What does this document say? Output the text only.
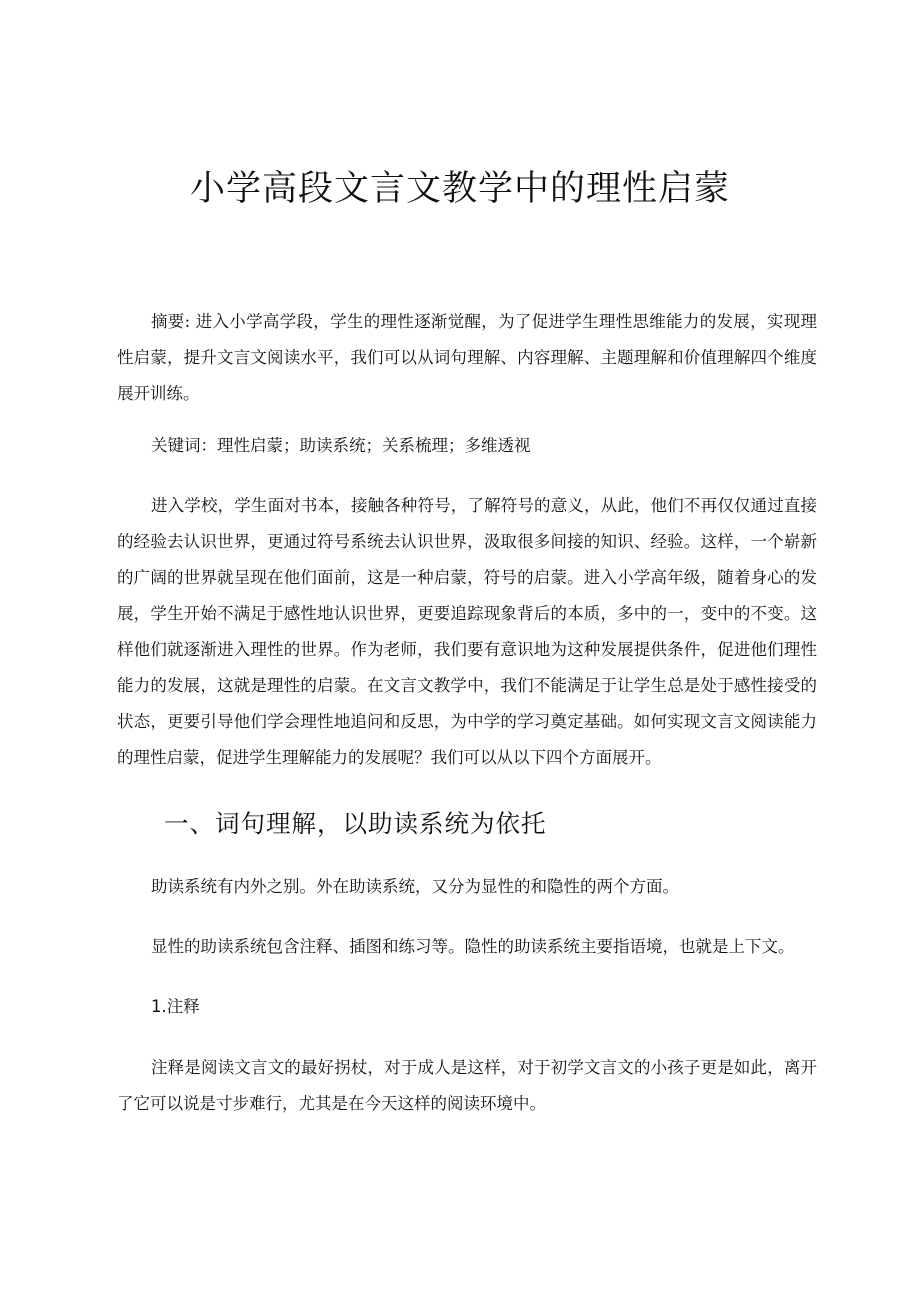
小学高段文言文教学中的理性启蒙

摘要: 进入小学高学段，学生的理性逐渐觉醒，为了促进学生理性思维能力的发展，实现理性启蒙，提升文言文阅读水平，我们可以从词句理解、内容理解、主题理解和价值理解四个维度展开训练。

关键词：理性启蒙；助读系统；关系梳理；多维透视

进入学校，学生面对书本，接触各种符号，了解符号的意义，从此，他们不再仅仅通过直接的经验去认识世界，更通过符号系统去认识世界，汲取很多间接的知识、经验。这样，一个崭新的广阔的世界就呈现在他们面前，这是一种启蒙，符号的启蒙。进入小学高年级，随着身心的发展，学生开始不满足于感性地认识世界，更要追踪现象背后的本质，多中的一，变中的不变。这样他们就逐渐进入理性的世界。作为老师，我们要有意识地为这种发展提供条件，促进他们理性能力的发展，这就是理性的启蒙。在文言文教学中，我们不能满足于让学生总是处于感性接受的状态，更要引导他们学会理性地追问和反思，为中学的学习奠定基础。如何实现文言文阅读能力的理性启蒙，促进学生理解能力的发展呢？我们可以从以下四个方面展开。

一、词句理解，以助读系统为依托

助读系统有内外之别。外在助读系统，又分为显性的和隐性的两个方面。

显性的助读系统包含注释、插图和练习等。隐性的助读系统主要指语境，也就是上下文。

1.注释

注释是阅读文言文的最好拐杖，对于成人是这样，对于初学文言文的小孩子更是如此，离开了它可以说是寸步难行，尤其是在今天这样的阅读环境中。
